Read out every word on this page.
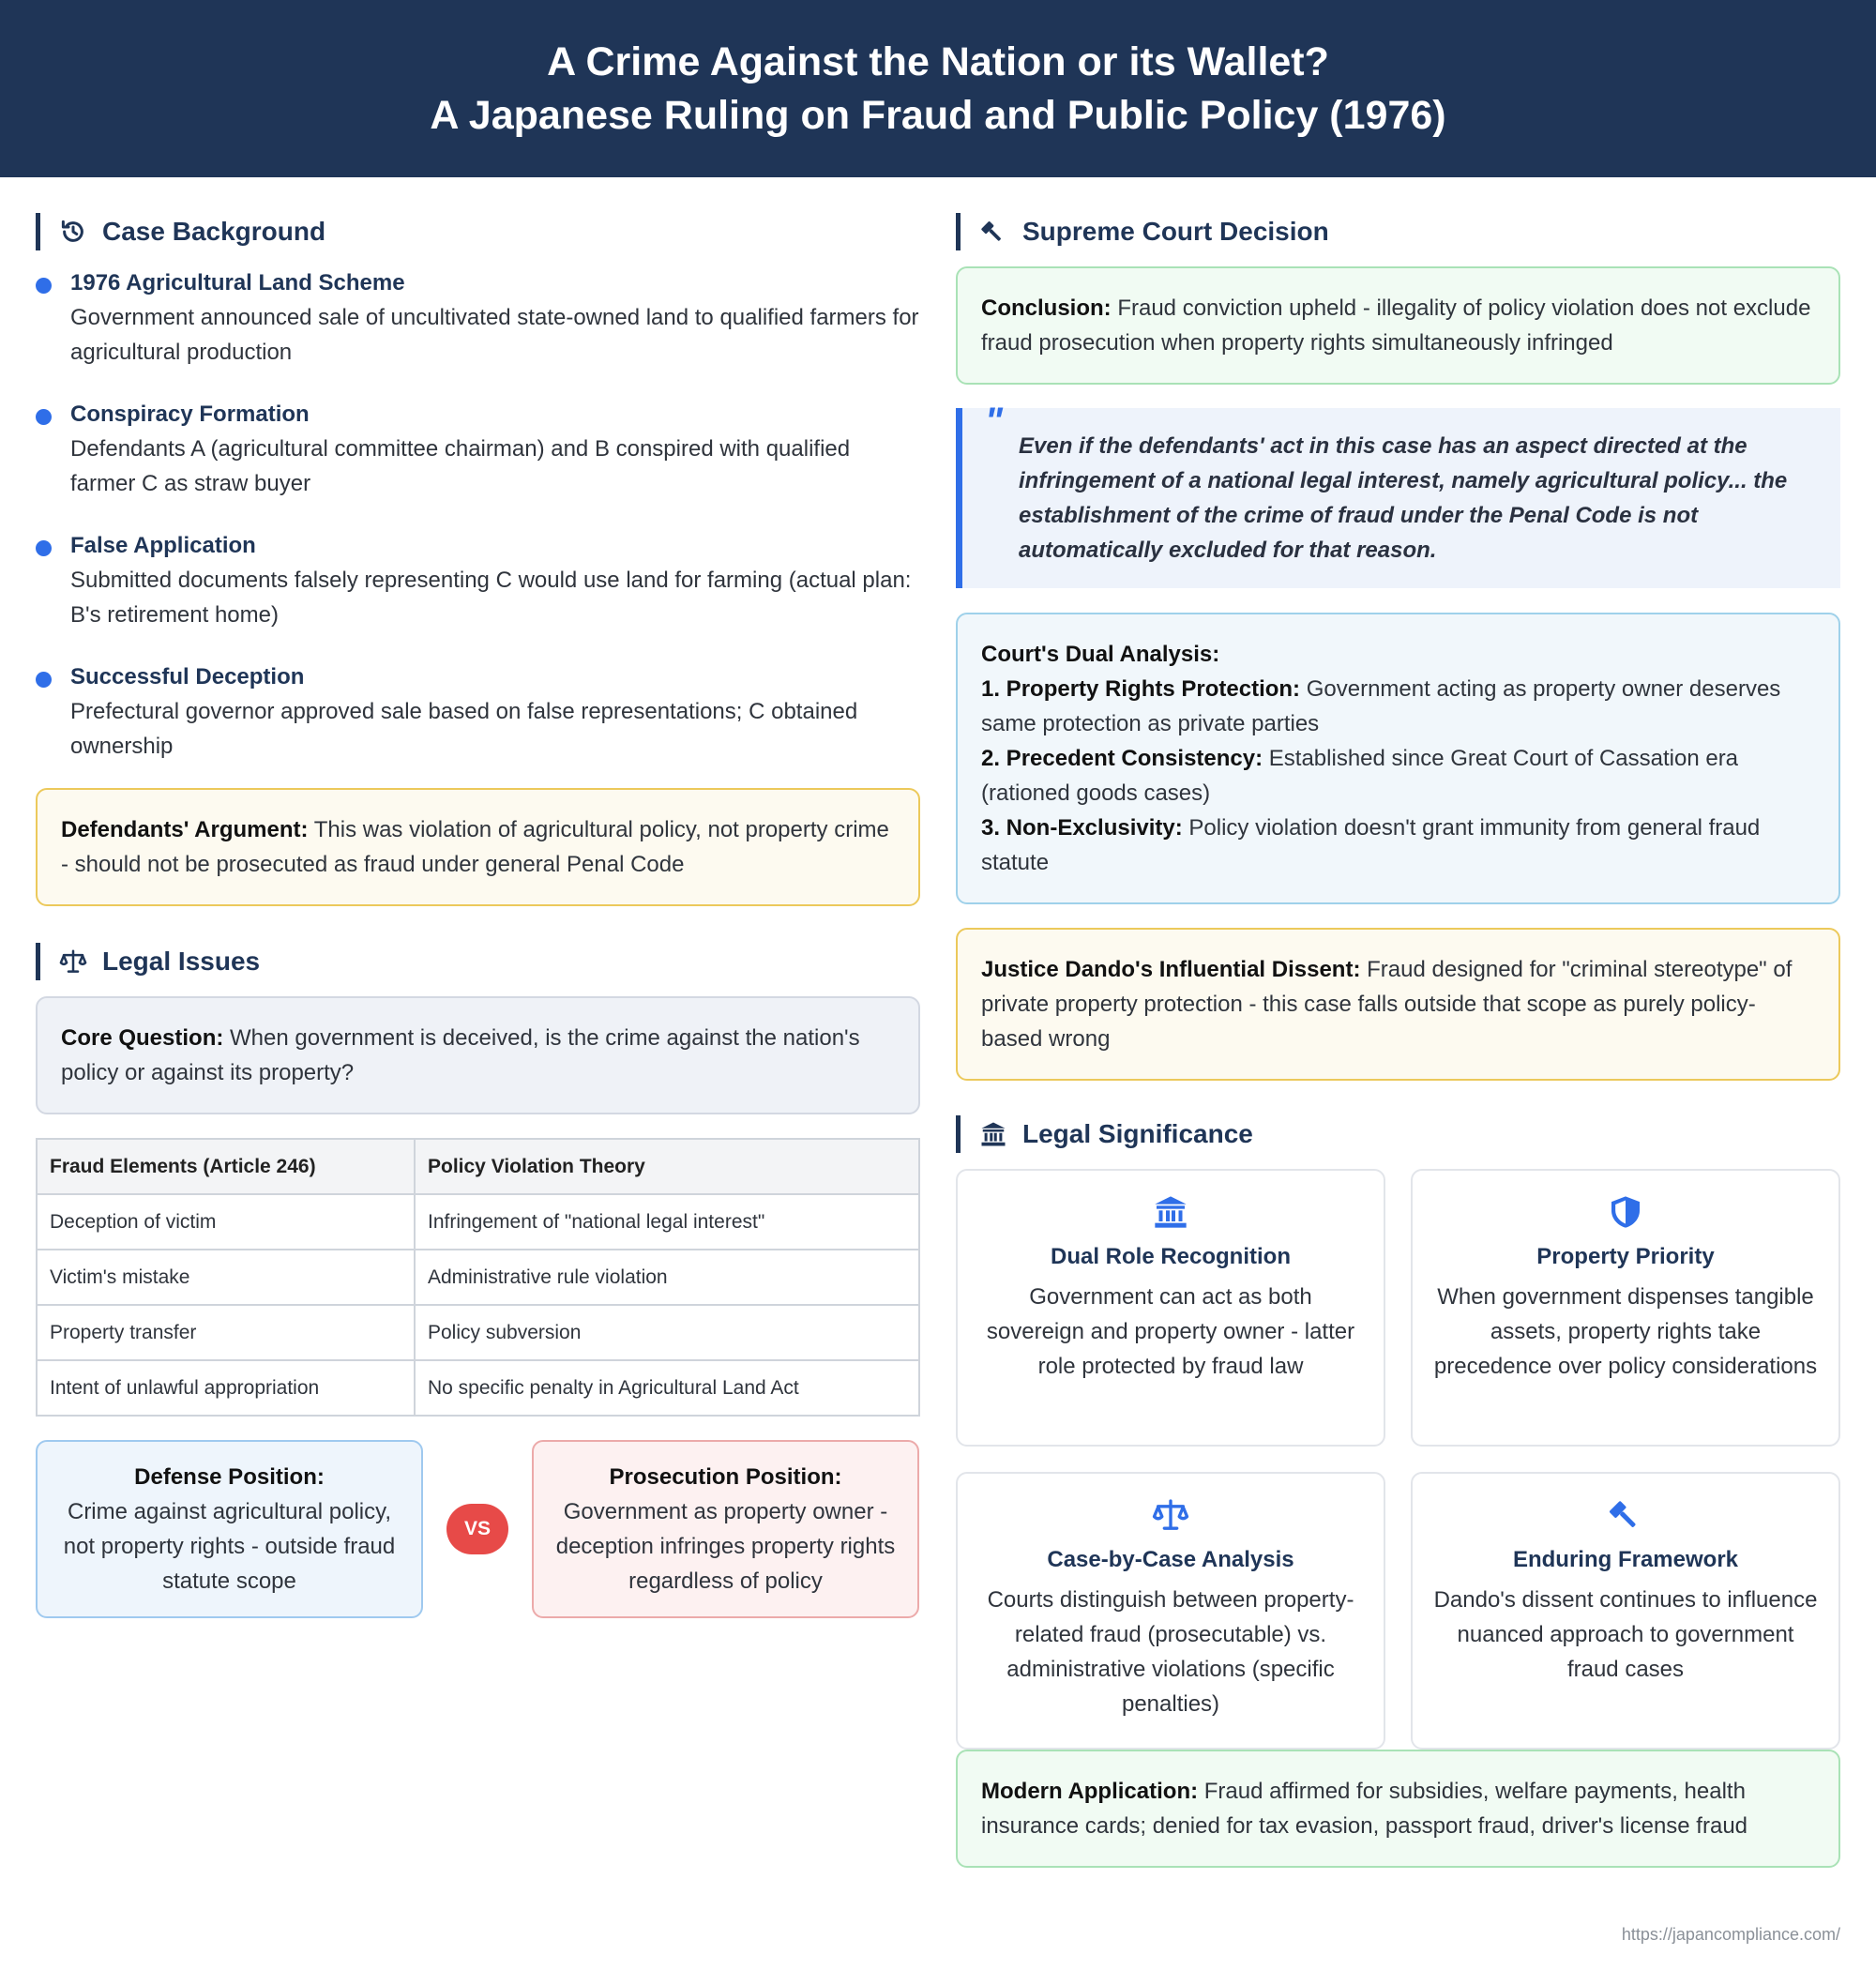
A Crime Against the Nation or its Wallet?
A Japanese Ruling on Fraud and Public Policy (1976)
Case Background
1976 Agricultural Land Scheme
Government announced sale of uncultivated state-owned land to qualified farmers for agricultural production
Conspiracy Formation
Defendants A (agricultural committee chairman) and B conspired with qualified farmer C as straw buyer
False Application
Submitted documents falsely representing C would use land for farming (actual plan: B's retirement home)
Successful Deception
Prefectural governor approved sale based on false representations; C obtained ownership
Defendants' Argument: This was violation of agricultural policy, not property crime - should not be prosecuted as fraud under general Penal Code
Legal Issues
Core Question: When government is deceived, is the crime against the nation's policy or against its property?
Fraud Elements (Article 246)	Policy Violation Theory
Deception of victim	Infringement of "national legal interest"
Victim's mistake	Administrative rule violation
Property transfer	Policy subversion
Intent of unlawful appropriation	No specific penalty in Agricultural Land Act
Defense Position:
Crime against agricultural policy, not property rights - outside fraud statute scope
VS
Prosecution Position:
Government as property owner - deception infringes property rights regardless of policy
Supreme Court Decision
Conclusion: Fraud conviction upheld - illegality of policy violation does not exclude fraud prosecution when property rights simultaneously infringed
"
Even if the defendants' act in this case has an aspect directed at the infringement of a national legal interest, namely agricultural policy... the establishment of the crime of fraud under the Penal Code is not automatically excluded for that reason.
Court's Dual Analysis:
1. Property Rights Protection: Government acting as property owner deserves same protection as private parties
2. Precedent Consistency: Established since Great Court of Cassation era (rationed goods cases)
3. Non-Exclusivity: Policy violation doesn't grant immunity from general fraud statute
Justice Dando's Influential Dissent: Fraud designed for "criminal stereotype" of private property protection - this case falls outside that scope as purely policy-based wrong
Legal Significance
Dual Role Recognition
Government can act as both sovereign and property owner - latter role protected by fraud law
Property Priority
When government dispenses tangible assets, property rights take precedence over policy considerations
Case-by-Case Analysis
Courts distinguish between property-related fraud (prosecutable) vs. administrative violations (specific penalties)
Enduring Framework
Dando's dissent continues to influence nuanced approach to government fraud cases
Modern Application: Fraud affirmed for subsidies, welfare payments, health insurance cards; denied for tax evasion, passport fraud, driver's license fraud
https://japancompliance.com/
